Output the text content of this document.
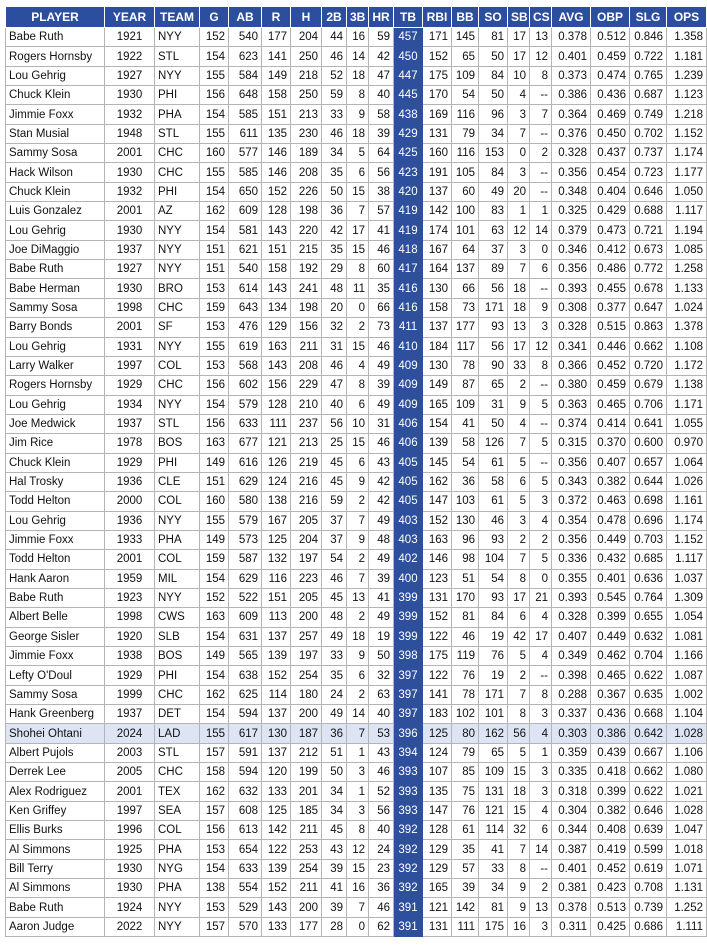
PLAYER	YEAR	TEAM	G	AB	R	H	2B	3B	HR	TB	RBI	BB	SO	SB	CS	AVG	OBP	SLG	OPS
Babe Ruth	1921	NYY	152	540	177	204	44	16	59	457	171	145	81	17	13	0.378	0.512	0.846	1.358
Rogers Hornsby	1922	STL	154	623	141	250	46	14	42	450	152	65	50	17	12	0.401	0.459	0.722	1.181
Lou Gehrig	1927	NYY	155	584	149	218	52	18	47	447	175	109	84	10	8	0.373	0.474	0.765	1.239
Chuck Klein	1930	PHI	156	648	158	250	59	8	40	445	170	54	50	4	--	0.386	0.436	0.687	1.123
Jimmie Foxx	1932	PHA	154	585	151	213	33	9	58	438	169	116	96	3	7	0.364	0.469	0.749	1.218
Stan Musial	1948	STL	155	611	135	230	46	18	39	429	131	79	34	7	--	0.376	0.450	0.702	1.152
Sammy Sosa	2001	CHC	160	577	146	189	34	5	64	425	160	116	153	0	2	0.328	0.437	0.737	1.174
Hack Wilson	1930	CHC	155	585	146	208	35	6	56	423	191	105	84	3	--	0.356	0.454	0.723	1.177
Chuck Klein	1932	PHI	154	650	152	226	50	15	38	420	137	60	49	20	--	0.348	0.404	0.646	1.050
Luis Gonzalez	2001	AZ	162	609	128	198	36	7	57	419	142	100	83	1	1	0.325	0.429	0.688	1.117
Lou Gehrig	1930	NYY	154	581	143	220	42	17	41	419	174	101	63	12	14	0.379	0.473	0.721	1.194
Joe DiMaggio	1937	NYY	151	621	151	215	35	15	46	418	167	64	37	3	0	0.346	0.412	0.673	1.085
Babe Ruth	1927	NYY	151	540	158	192	29	8	60	417	164	137	89	7	6	0.356	0.486	0.772	1.258
Babe Herman	1930	BRO	153	614	143	241	48	11	35	416	130	66	56	18	--	0.393	0.455	0.678	1.133
Sammy Sosa	1998	CHC	159	643	134	198	20	0	66	416	158	73	171	18	9	0.308	0.377	0.647	1.024
Barry Bonds	2001	SF	153	476	129	156	32	2	73	411	137	177	93	13	3	0.328	0.515	0.863	1.378
Lou Gehrig	1931	NYY	155	619	163	211	31	15	46	410	184	117	56	17	12	0.341	0.446	0.662	1.108
Larry Walker	1997	COL	153	568	143	208	46	4	49	409	130	78	90	33	8	0.366	0.452	0.720	1.172
Rogers Hornsby	1929	CHC	156	602	156	229	47	8	39	409	149	87	65	2	--	0.380	0.459	0.679	1.138
Lou Gehrig	1934	NYY	154	579	128	210	40	6	49	409	165	109	31	9	5	0.363	0.465	0.706	1.171
Joe Medwick	1937	STL	156	633	111	237	56	10	31	406	154	41	50	4	--	0.374	0.414	0.641	1.055
Jim Rice	1978	BOS	163	677	121	213	25	15	46	406	139	58	126	7	5	0.315	0.370	0.600	0.970
Chuck Klein	1929	PHI	149	616	126	219	45	6	43	405	145	54	61	5	--	0.356	0.407	0.657	1.064
Hal Trosky	1936	CLE	151	629	124	216	45	9	42	405	162	36	58	6	5	0.343	0.382	0.644	1.026
Todd Helton	2000	COL	160	580	138	216	59	2	42	405	147	103	61	5	3	0.372	0.463	0.698	1.161
Lou Gehrig	1936	NYY	155	579	167	205	37	7	49	403	152	130	46	3	4	0.354	0.478	0.696	1.174
Jimmie Foxx	1933	PHA	149	573	125	204	37	9	48	403	163	96	93	2	2	0.356	0.449	0.703	1.152
Todd Helton	2001	COL	159	587	132	197	54	2	49	402	146	98	104	7	5	0.336	0.432	0.685	1.117
Hank Aaron	1959	MIL	154	629	116	223	46	7	39	400	123	51	54	8	0	0.355	0.401	0.636	1.037
Babe Ruth	1923	NYY	152	522	151	205	45	13	41	399	131	170	93	17	21	0.393	0.545	0.764	1.309
Albert Belle	1998	CWS	163	609	113	200	48	2	49	399	152	81	84	6	4	0.328	0.399	0.655	1.054
George Sisler	1920	SLB	154	631	137	257	49	18	19	399	122	46	19	42	17	0.407	0.449	0.632	1.081
Jimmie Foxx	1938	BOS	149	565	139	197	33	9	50	398	175	119	76	5	4	0.349	0.462	0.704	1.166
Lefty O'Doul	1929	PHI	154	638	152	254	35	6	32	397	122	76	19	2	--	0.398	0.465	0.622	1.087
Sammy Sosa	1999	CHC	162	625	114	180	24	2	63	397	141	78	171	7	8	0.288	0.367	0.635	1.002
Hank Greenberg	1937	DET	154	594	137	200	49	14	40	397	183	102	101	8	3	0.337	0.436	0.668	1.104
Shohei Ohtani	2024	LAD	155	617	130	187	36	7	53	396	125	80	162	56	4	0.303	0.386	0.642	1.028
Albert Pujols	2003	STL	157	591	137	212	51	1	43	394	124	79	65	5	1	0.359	0.439	0.667	1.106
Derrek Lee	2005	CHC	158	594	120	199	50	3	46	393	107	85	109	15	3	0.335	0.418	0.662	1.080
Alex Rodriguez	2001	TEX	162	632	133	201	34	1	52	393	135	75	131	18	3	0.318	0.399	0.622	1.021
Ken Griffey	1997	SEA	157	608	125	185	34	3	56	393	147	76	121	15	4	0.304	0.382	0.646	1.028
Ellis Burks	1996	COL	156	613	142	211	45	8	40	392	128	61	114	32	6	0.344	0.408	0.639	1.047
Al Simmons	1925	PHA	153	654	122	253	43	12	24	392	129	35	41	7	14	0.387	0.419	0.599	1.018
Bill Terry	1930	NYG	154	633	139	254	39	15	23	392	129	57	33	8	--	0.401	0.452	0.619	1.071
Al Simmons	1930	PHA	138	554	152	211	41	16	36	392	165	39	34	9	2	0.381	0.423	0.708	1.131
Babe Ruth	1924	NYY	153	529	143	200	39	7	46	391	121	142	81	9	13	0.378	0.513	0.739	1.252
Aaron Judge	2022	NYY	157	570	133	177	28	0	62	391	131	111	175	16	3	0.311	0.425	0.686	1.111
